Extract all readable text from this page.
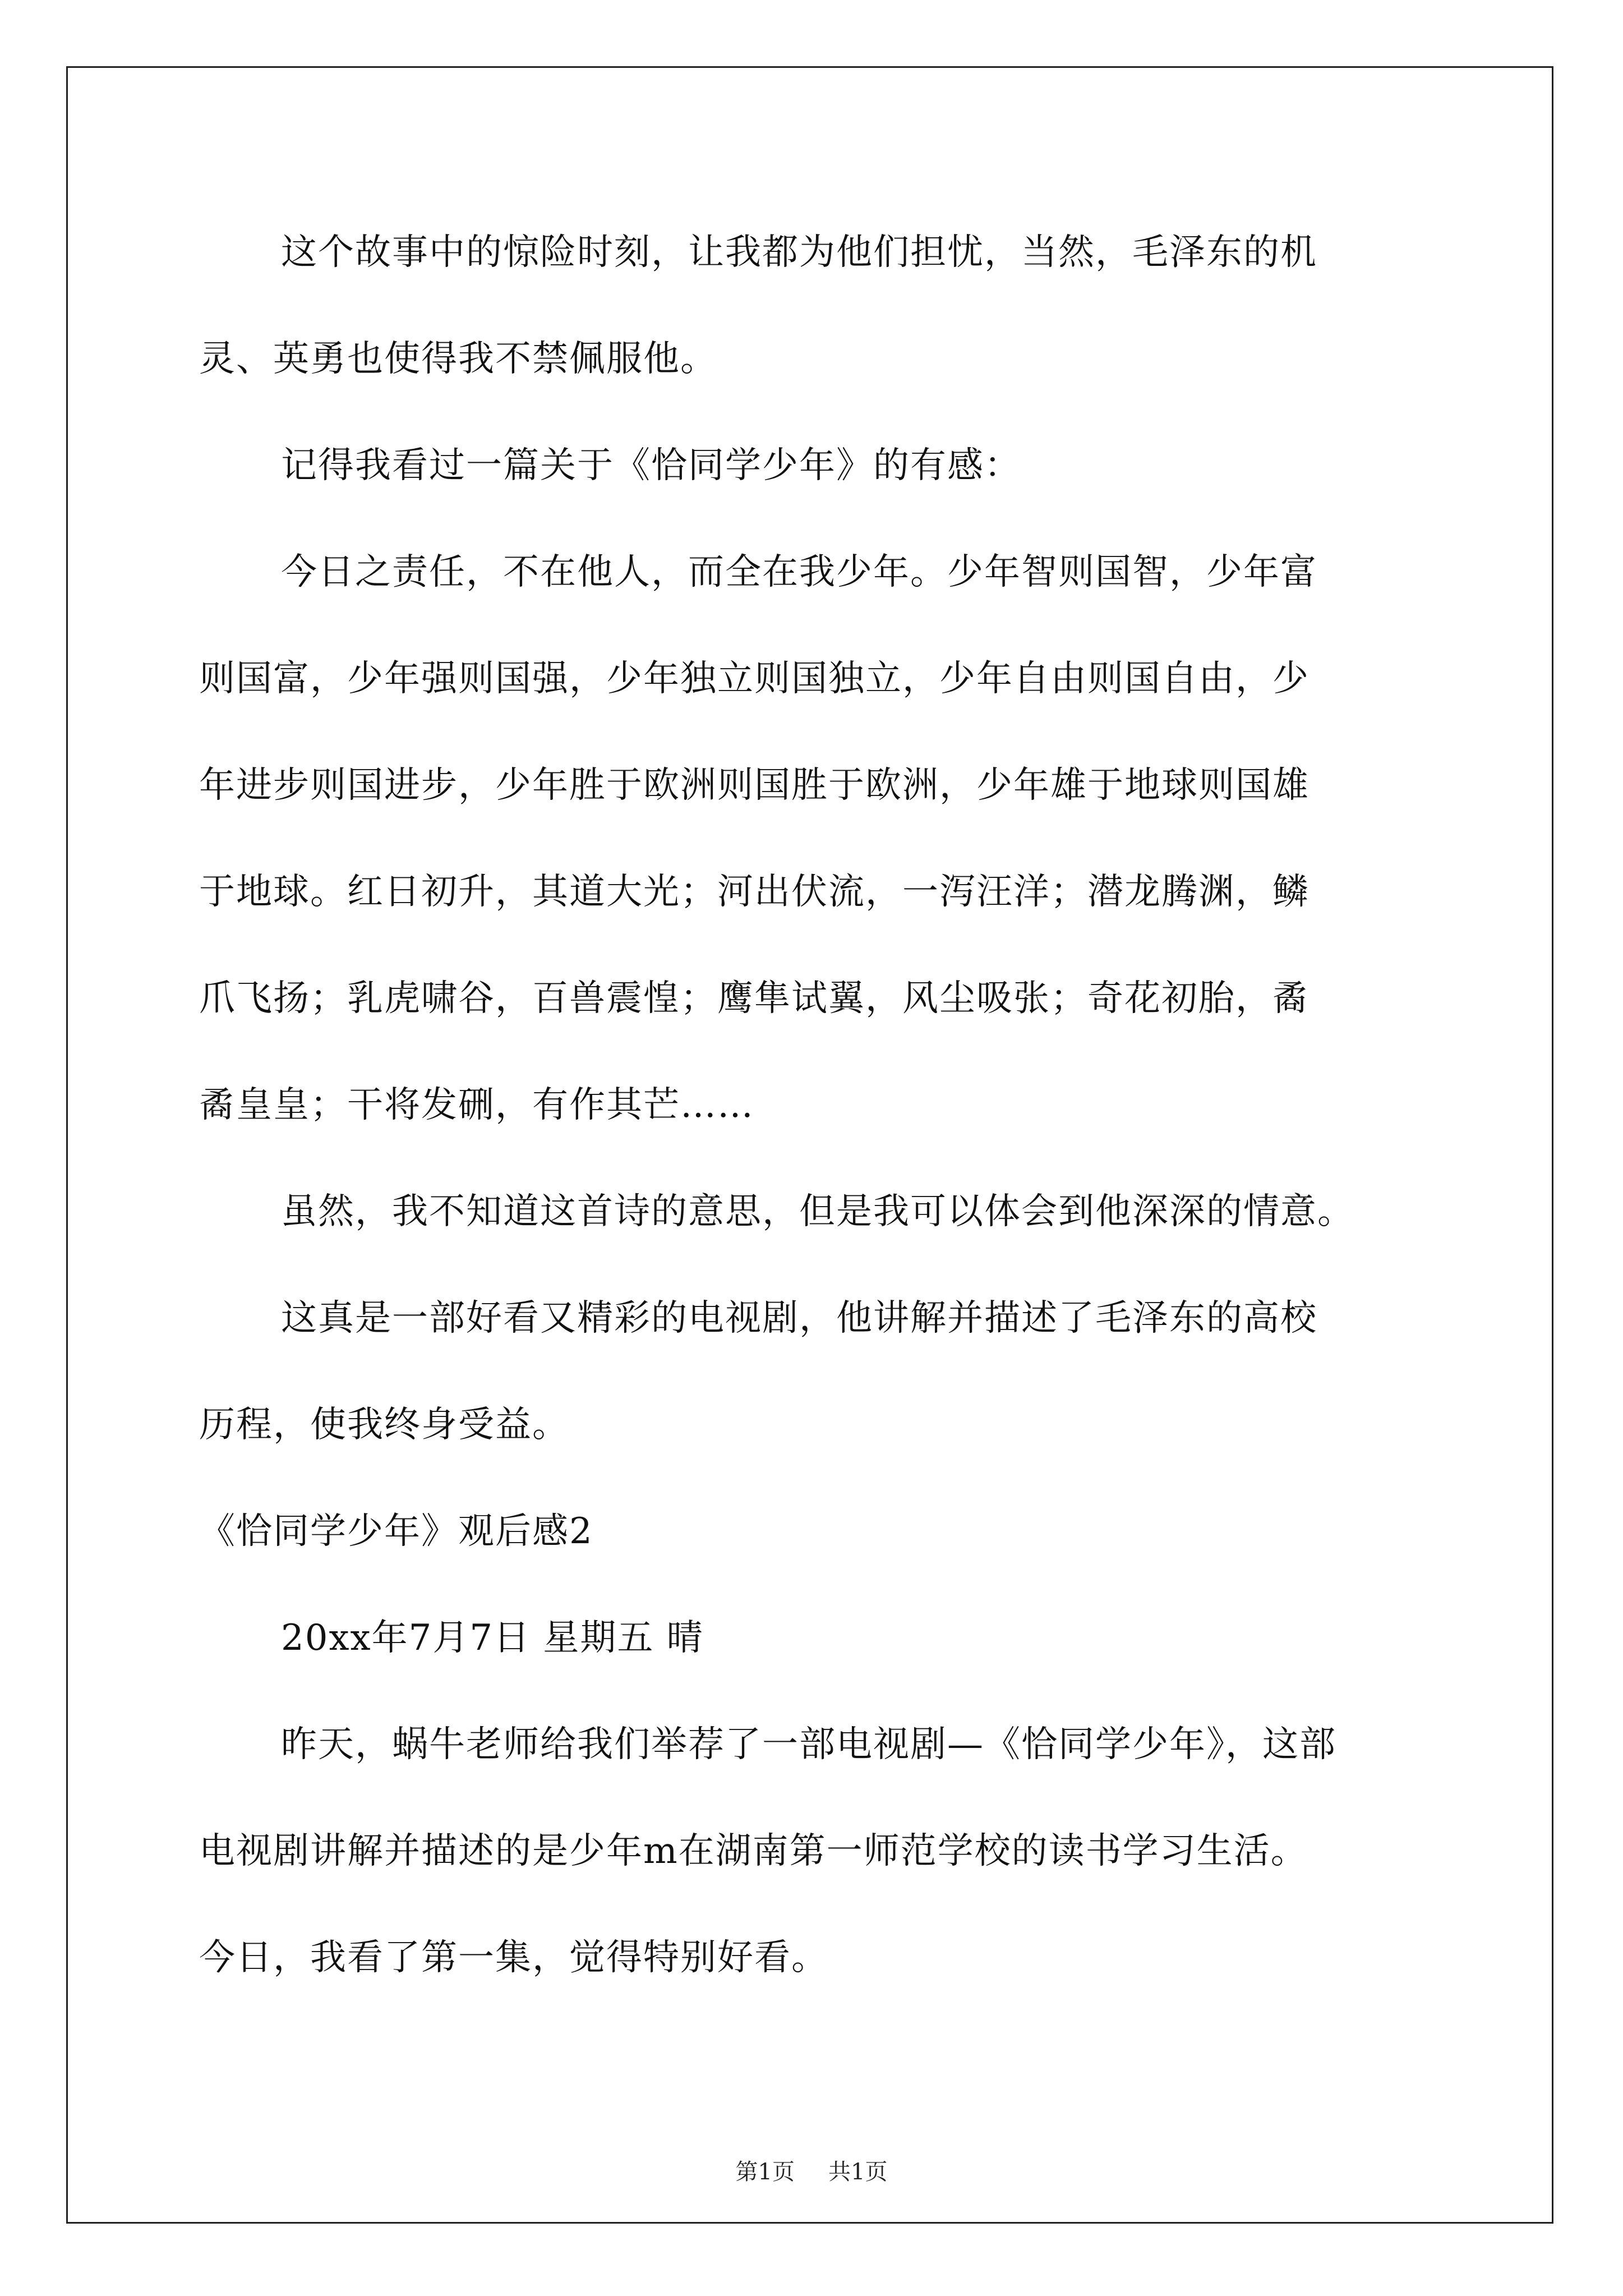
这个故事中的惊险时刻，让我都为他们担忧，当然，毛泽东的机
灵、英勇也使得我不禁佩服他。
记得我看过一篇关于《恰同学少年》的有感：
今日之责任，不在他人，而全在我少年。少年智则国智，少年富
则国富，少年强则国强，少年独立则国独立，少年自由则国自由，少
年进步则国进步，少年胜于欧洲则国胜于欧洲，少年雄于地球则国雄
于地球。红日初升，其道大光；河出伏流，一泻汪洋；潜龙腾渊，鳞
爪飞扬；乳虎啸谷，百兽震惶；鹰隼试翼，风尘吸张；奇花初胎，矞
矞皇皇；干将发硎，有作其芒……
虽然，我不知道这首诗的意思，但是我可以体会到他深深的情意。
这真是一部好看又精彩的电视剧，他讲解并描述了毛泽东的高校
历程，使我终身受益。
《恰同学少年》观后感2
20xx年7月7日 星期五 晴
昨天，蜗牛老师给我们举荐了一部电视剧—《恰同学少年》，这部
电视剧讲解并描述的是少年m在湖南第一师范学校的读书学习生活。
今日，我看了第一集，觉得特别好看。
第1页 共1页
